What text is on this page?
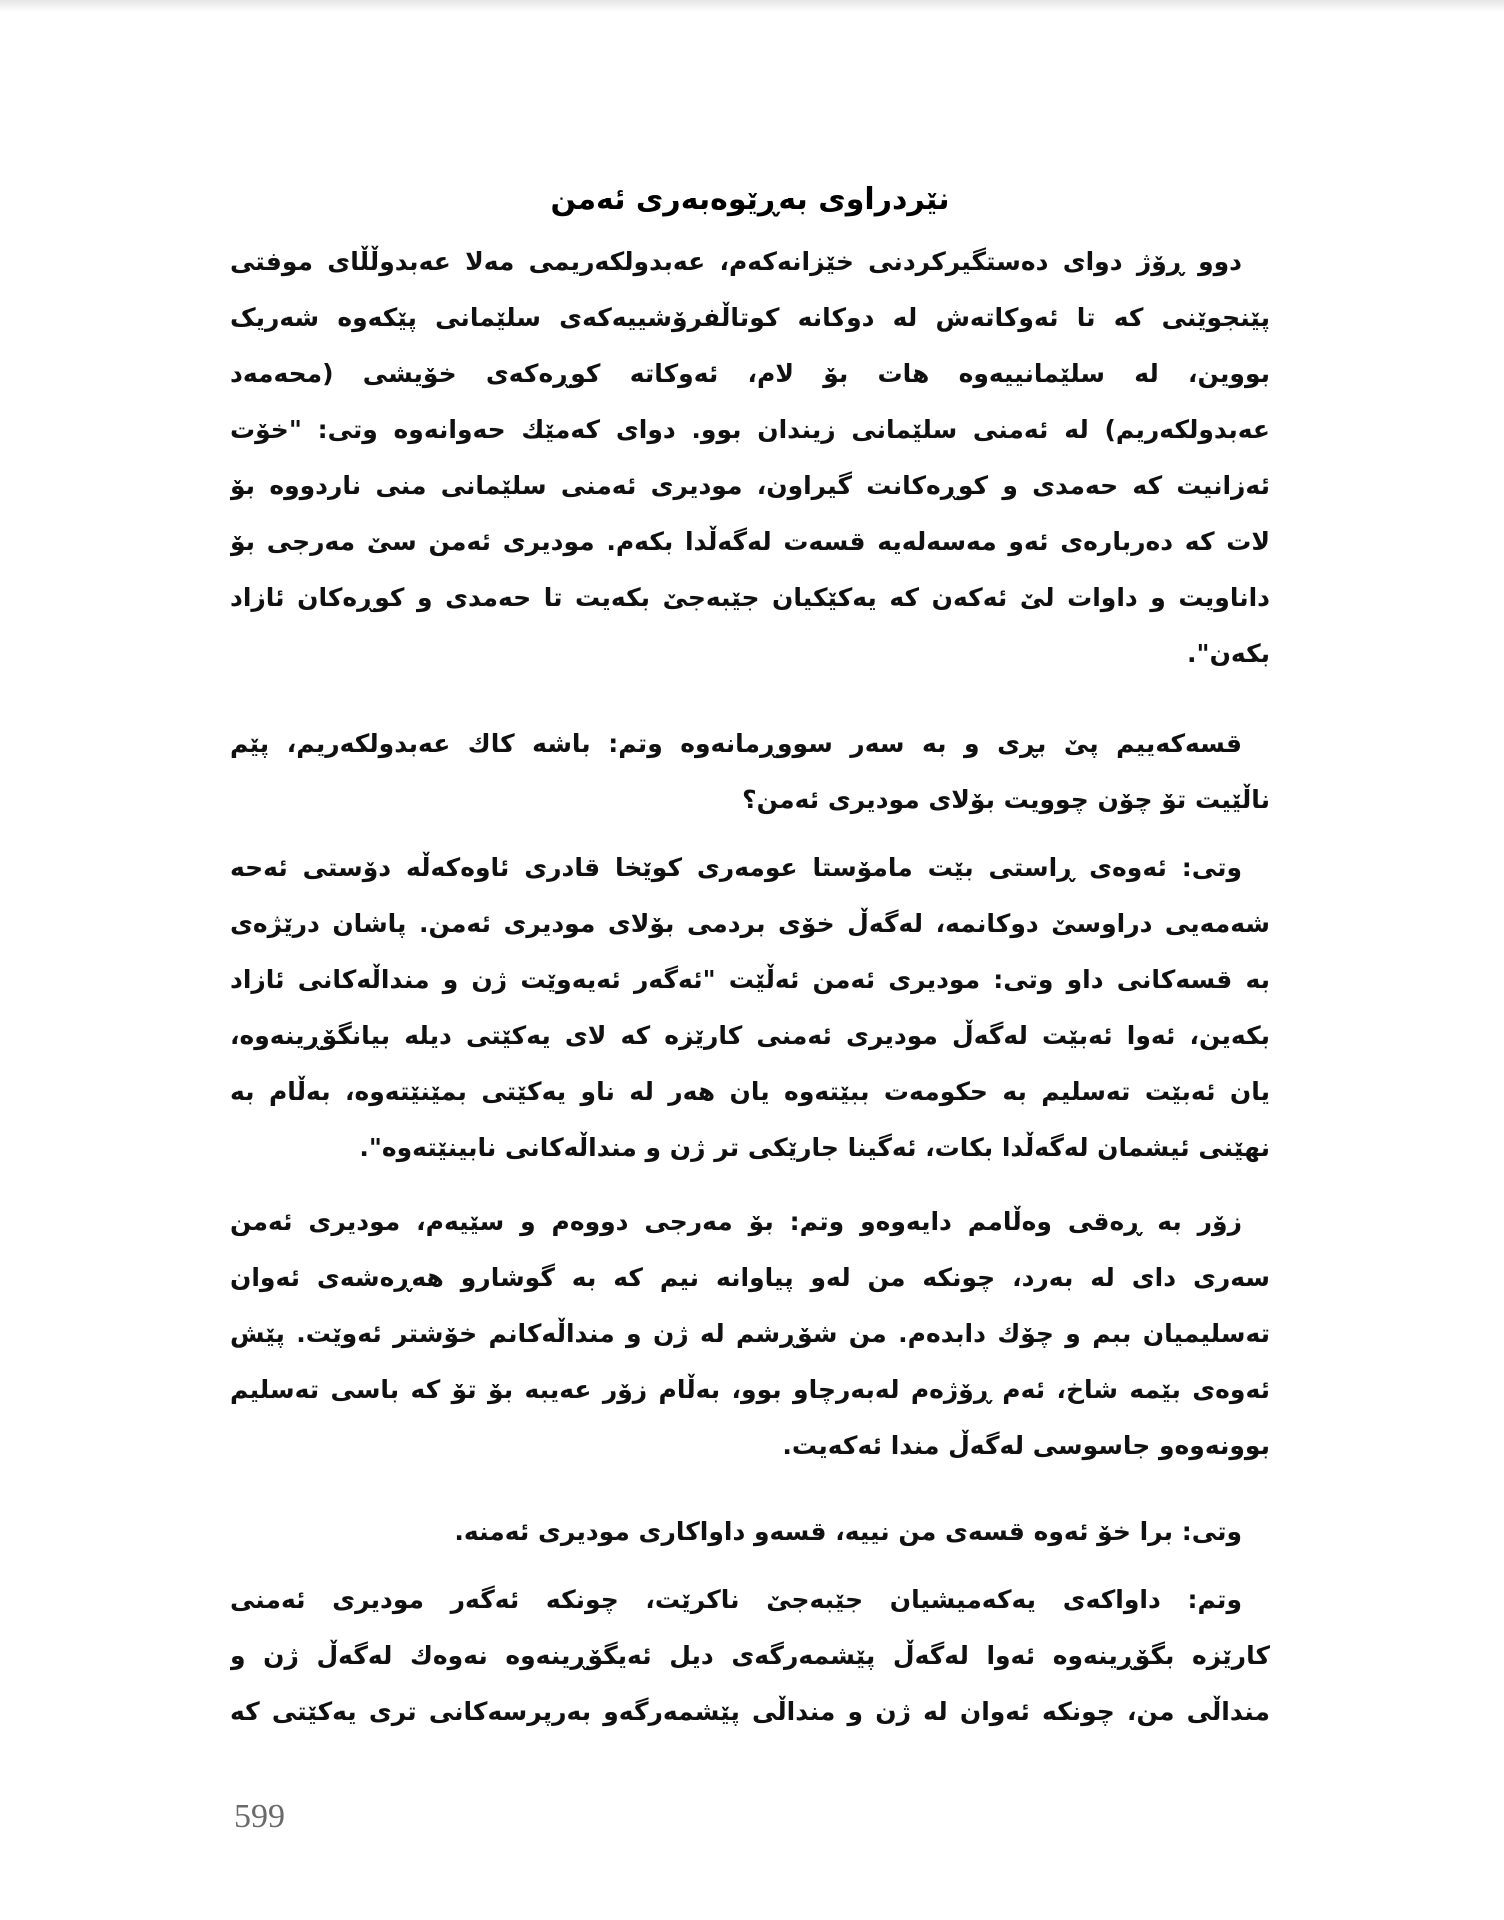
نێردراوی بەڕێوەبەری ئەمن
دوو ڕۆژ دوای دەستگیرکردنی خێزانەکەم، عەبدولکەریمی مەلا عەبدوڵڵای موفتی
پێنجوێنی کە تا ئەوکاتەش لە دوکانە کوتاڵفرۆشییەکەی سلێمانی پێکەوە شەریک
بووین، لە سلێمانییەوە هات بۆ لام، ئەوکاتە کوڕەکەی خۆیشی (محەمەد
عەبدولکەریم) لە ئەمنی سلێمانی زیندان بوو. دوای کەمێك حەوانەوە وتی: "خۆت
ئەزانیت کە حەمدی و کوڕەکانت گیراون، مودیری ئەمنی سلێمانی منی ناردووە بۆ
لات کە دەربارەی ئەو مەسەلەیە قسەت لەگەڵدا بکەم. مودیری ئەمن سێ مەرجی بۆ
داناویت و داوات لێ ئەکەن کە یەکێکیان جێبەجێ بکەیت تا حەمدی و کوڕەکان ئازاد
بکەن".
قسەکەییم پێ بڕی و بە سەر سووڕمانەوە وتم: باشە کاك عەبدولکەریم، پێم
ناڵێیت تۆ چۆن چوویت بۆلای مودیری ئەمن؟
وتی: ئەوەی ڕاستی بێت مامۆستا عومەری کوێخا قادری ئاوەکەڵە دۆستی ئەحە
شەمەیی دراوسێ دوکانمە، لەگەڵ خۆی بردمی بۆلای مودیری ئەمن. پاشان درێژەی
بە قسەکانی داو وتی: مودیری ئەمن ئەڵێت "ئەگەر ئەیەوێت ژن و منداڵەکانی ئازاد
بکەین، ئەوا ئەبێت لەگەڵ مودیری ئەمنی کارێزە کە لای یەکێتی دیلە بیانگۆڕینەوە،
یان ئەبێت تەسلیم بە حکومەت ببێتەوە یان هەر لە ناو یەکێتی بمێنێتەوە، بەڵام بە
نهێنی ئیشمان لەگەڵدا بکات، ئەگینا جارێکی تر ژن و منداڵەکانی نابینێتەوە".
زۆر بە ڕەقی وەڵامم دایەوەو وتم: بۆ مەرجی دووەم و سێیەم، مودیری ئەمن
سەری دای لە بەرد، چونکە من لەو پیاوانە نیم کە بە گوشارو هەڕەشەی ئەوان
تەسلیمیان ببم و چۆك دابدەم. من شۆڕشم لە ژن و منداڵەکانم خۆشتر ئەوێت. پێش
ئەوەی بێمە شاخ، ئەم ڕۆژەم لەبەرچاو بوو، بەڵام زۆر عەیبە بۆ تۆ کە باسی تەسلیم
بوونەوەو جاسوسی لەگەڵ مندا ئەکەیت.
وتی: برا خۆ ئەوە قسەی من نییە، قسەو داواکاری مودیری ئەمنە.
وتم: داواکەی یەکەمیشیان جێبەجێ ناکرێت، چونکە ئەگەر مودیری ئەمنی
کارێزە بگۆڕینەوە ئەوا لەگەڵ پێشمەرگەی دیل ئەیگۆڕینەوە نەوەك لەگەڵ ژن و
منداڵی من، چونکە ئەوان لە ژن و منداڵی پێشمەرگەو بەرپرسەکانی تری یەکێتی کە
599
